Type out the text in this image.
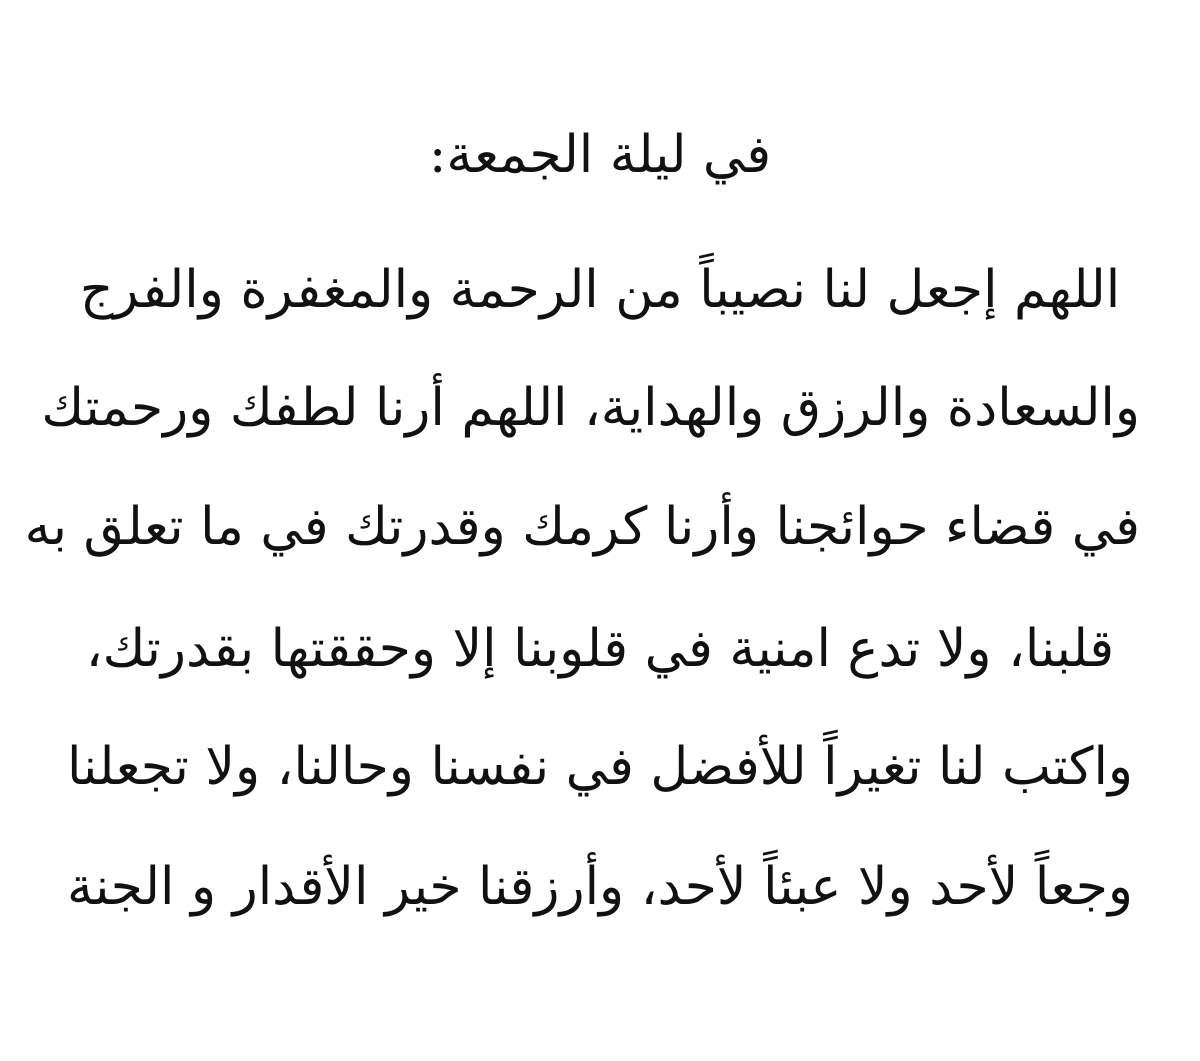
في ليلة الجمعة:
اللهم إجعل لنا نصيباً من الرحمة والمغفرة والفرج
والسعادة والرزق والهداية، اللهم أرنا لطفك ورحمتك
في قضاء حوائجنا وأرنا كرمك وقدرتك في ما تعلق به
قلبنا، ولا تدع امنية في قلوبنا إلا وحققتها بقدرتك،
واكتب لنا تغيراً للأفضل في نفسنا وحالنا، ولا تجعلنا
وجعاً لأحد ولا عبئاً لأحد، وأرزقنا خير الأقدار و الجنة
